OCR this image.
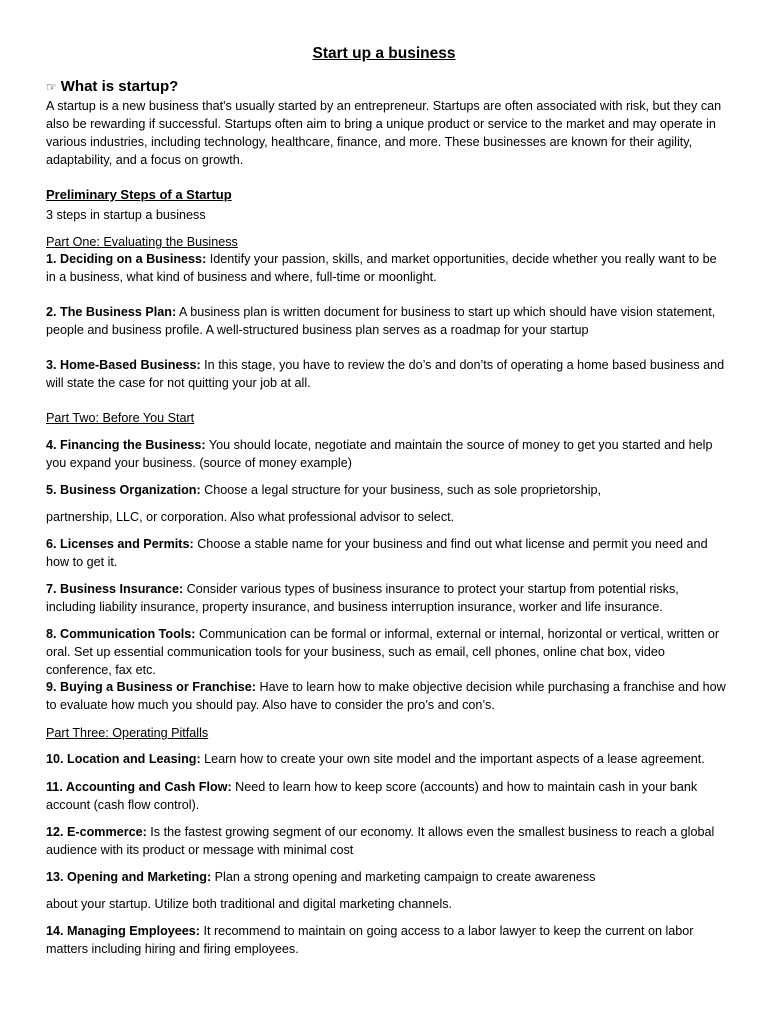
Start up a business

☞ What is startup?

A startup is a new business that's usually started by an entrepreneur. Startups are often associated with risk, but they can also be rewarding if successful. Startups often aim to bring a unique product or service to the market and may operate in various industries, including technology, healthcare, finance, and more. These businesses are known for their agility, adaptability, and a focus on growth.

Preliminary Steps of a Startup

3 steps in startup a business

Part One: Evaluating the Business

1. Deciding on a Business: Identify your passion, skills, and market opportunities, decide whether you really want to be in a business, what kind of business and where, full-time or moonlight.

2. The Business Plan: A business plan is written document for business to start up which should have vision statement, people and business profile. A well-structured business plan serves as a roadmap for your startup

3. Home-Based Business: In this stage, you have to review the do’s and don’ts of operating a home based business and will state the case for not quitting your job at all.

Part Two: Before You Start

4. Financing the Business: You should locate, negotiate and maintain the source of money to get you started and help you expand your business. (source of money example)

5. Business Organization: Choose a legal structure for your business, such as sole proprietorship,

partnership, LLC, or corporation. Also what professional advisor to select.

6. Licenses and Permits: Choose a stable name for your business and find out what license and permit you need and how to get it.

7. Business Insurance: Consider various types of business insurance to protect your startup from potential risks, including liability insurance, property insurance, and business interruption insurance, worker and life insurance.

8. Communication Tools: Communication can be formal or informal, external or internal, horizontal or vertical, written or oral. Set up essential communication tools for your business, such as email, cell phones, online chat box, video conference, fax etc.

9. Buying a Business or Franchise: Have to learn how to make objective decision while purchasing a franchise and how to evaluate how much you should pay. Also have to consider the pro’s and con’s.

Part Three: Operating Pitfalls

10. Location and Leasing: Learn how to create your own site model and the important aspects of a lease agreement.

11. Accounting and Cash Flow: Need to learn how to keep score (accounts) and how to maintain cash in your bank account (cash flow control).

12. E-commerce: Is the fastest growing segment of our economy. It allows even the smallest business to reach a global audience with its product or message with minimal cost

13. Opening and Marketing: Plan a strong opening and marketing campaign to create awareness

about your startup. Utilize both traditional and digital marketing channels.

14. Managing Employees: It recommend to maintain on going access to a labor lawyer to keep the current on labor matters including hiring and firing employees.
